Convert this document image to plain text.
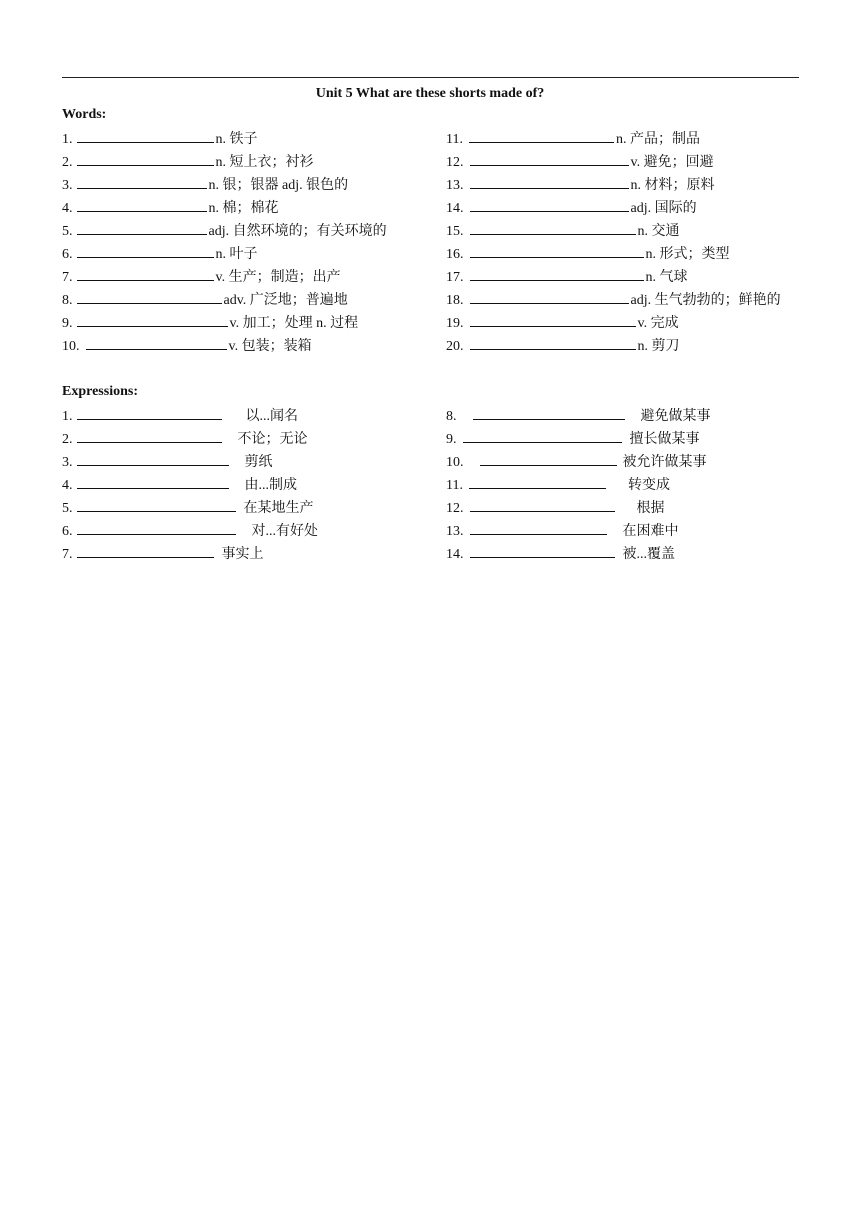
Unit 5 What are these shorts made of?
Words:
1.	n. 铁子
2.	n. 短上衣；衬衫
3.	n. 银；银器 adj. 银色的
4.	n. 棉；棉花
5.	adj. 自然环境的；有关环境的
6.	n. 叶子
7.	v. 生产；制造；出产
8.	adv. 广泛地；普遍地
9.	v. 加工；处理 n. 过程
10.	v. 包装；装箱
11.	n. 产品；制品
12.	v. 避免；回避
13.	n. 材料；原料
14.	adj. 国际的
15.	n. 交通
16.	n. 形式；类型
17.	n. 气球
18.	adj. 生气勃勃的；鲜艳的
19.	v. 完成
20.	n. 剪刀
Expressions:
1.	以...闻名
2.	不论；无论
3.	剪纸
4.	由...制成
5.	在某地生产
6.	对...有好处
7.	事实上
8.	避免做某事
9.	擅长做某事
10.	被允许做某事
11.	转变成
12.	根据
13.	在困难中
14.	被...覆盖
